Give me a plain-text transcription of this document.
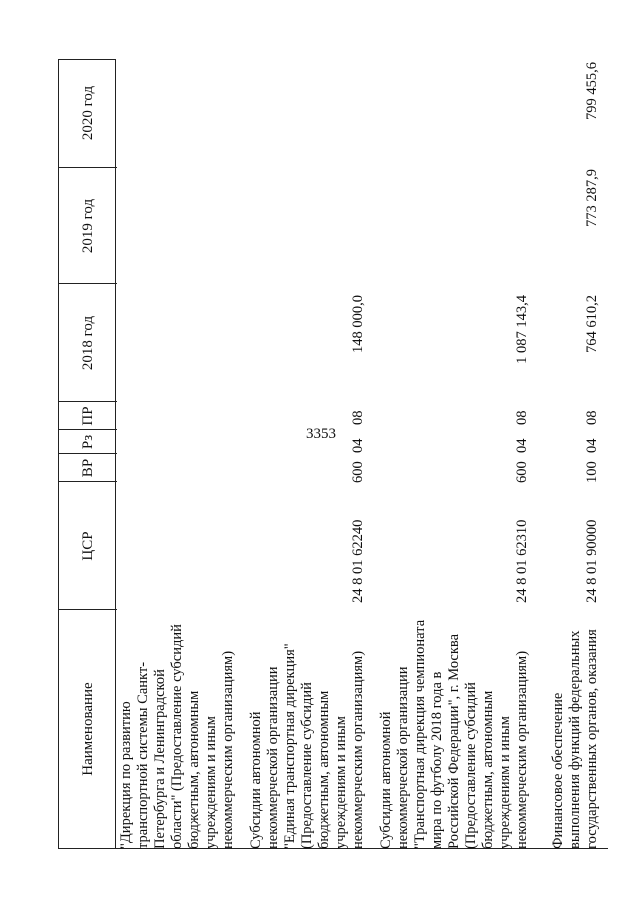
3353
Наименование
ЦСР
ВР
Рз
ПР
2018 год
2019 год
2020 год
"Дирекция по развитию транспортной системы Санкт- Петербурга и Ленинградской области" (Предоставление субсидий бюджетным, автономным учреждениям и иным некоммерческим организациям) Субсидии автономной некоммерческой организации "Единая транспортная дирекция" (Предоставление субсидий бюджетным, автономным учреждениям и иным некоммерческим организациям)
24 8 01 62240
600
04
08
148 000,0
Субсидии автономной некоммерческой организации "Транспортная дирекция чемпионата мира по футболу 2018 года в Российской Федерации", г. Москва (Предоставление субсидий бюджетным, автономным учреждениям и иным некоммерческим организациям)
24 8 01 62310
600
04
08
1 087 143,4
Финансовое обеспечение выполнения функций федеральных государственных органов, оказания
24 8 01 90000
100
04
08
764 610,2
773 287,9
799 455,6
